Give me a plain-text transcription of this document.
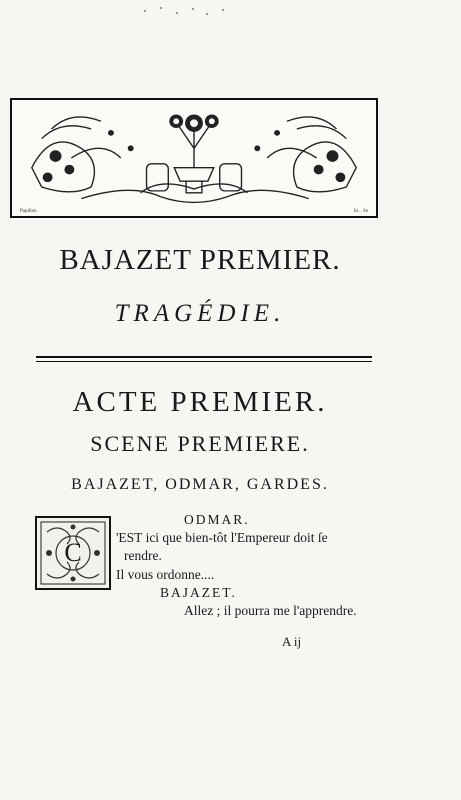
Papillon	In .. Se
BAJAZET PREMIER.
TRAGÉDIE.
ACTE PREMIER.
SCENE PREMIERE.
BAJAZET, ODMAR, GARDES.
C
ODMAR.
'EST ici que bien-tôt l'Empereur doit ſe
rendre.
Il vous ordonne....
BAJAZET.
Allez ; il pourra me l'apprendre.
A ij
